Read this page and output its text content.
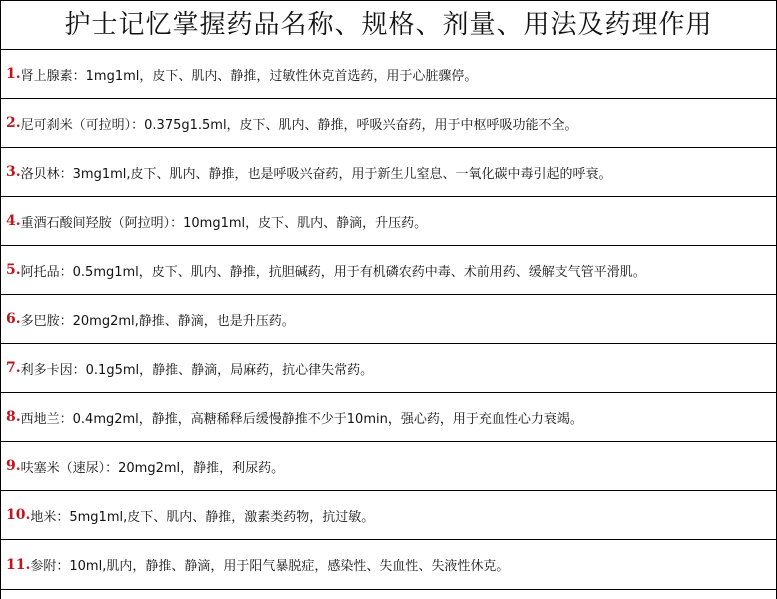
护士记忆掌握药品名称、规格、剂量、用法及药理作用
1. 肾上腺素： 1mg1ml，皮下、肌内、静推，过敏性休克首选药，用于心脏骤停。
2. 尼可刹米（可拉明）： 0.375g1.5ml，皮下、肌内、静推，呼吸兴奋药，用于中枢呼吸功能不全。
3. 洛贝林： 3mg1ml,皮下、肌内、静推，也是呼吸兴奋药，用于新生儿窒息、一氧化碳中毒引起的呼衰。
4. 重酒石酸间羟胺（阿拉明）： 10mg1ml，皮下、肌内、静滴，升压药。
5. 阿托品： 0.5mg1ml，皮下、肌内、静推，抗胆碱药，用于有机磷农药中毒、术前用药、缓解支气管平滑肌。
6. 多巴胺： 20mg2ml,静推、静滴，也是升压药。
7. 利多卡因： 0.1g5ml，静推、静滴，局麻药，抗心律失常药。
8. 西地兰： 0.4mg2ml，静推，高糖稀释后缓慢静推不少于10min，强心药，用于充血性心力衰竭。
9. 呋塞米（速尿）： 20mg2ml，静推，利尿药。
10. 地米： 5mg1ml,皮下、肌内、静推，激素类药物，抗过敏。
11. 参附： 10ml,肌内，静推、静滴，用于阳气暴脱症，感染性、失血性、失液性休克。
